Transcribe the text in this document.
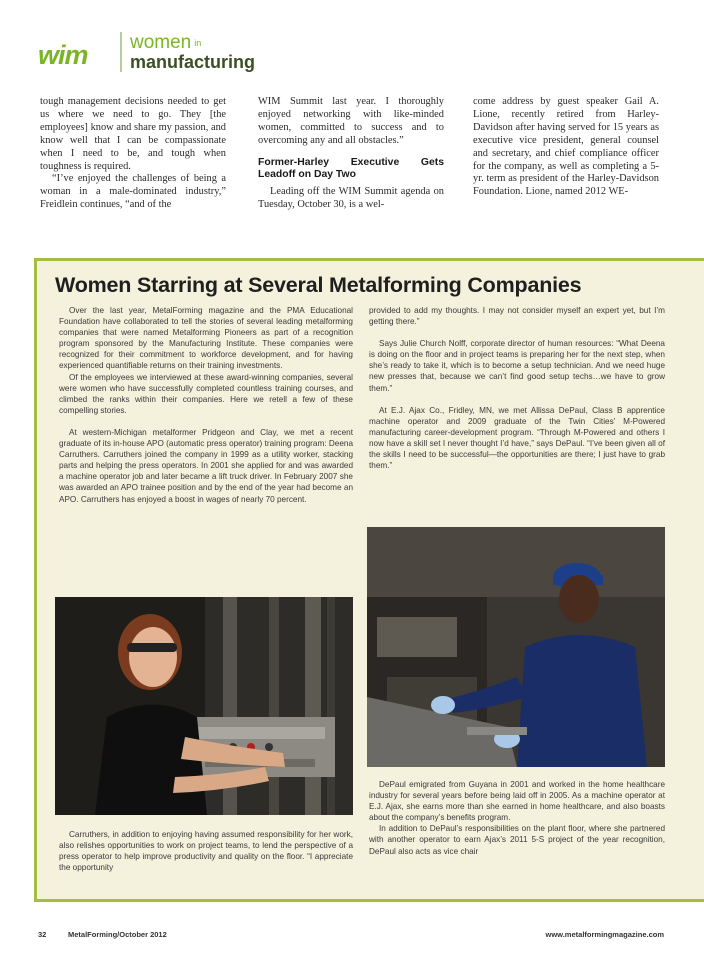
wim women in
manufacturing

tough management decisions needed to get us where we need to go. They [the employees] know and share my passion, and know well that I can be compassionate when I need to be, and tough when toughness is required.

“I’ve enjoyed the challenges of being a woman in a male-dominated industry,” Freidlein continues, “and of the

WIM Summit last year. I thoroughly enjoyed networking with like-minded women, committed to success and to overcoming any and all obstacles.”

Former-Harley Executive Gets Leadoff on Day Two

Leading off the WIM Summit agenda on Tuesday, October 30, is a wel-

come address by guest speaker Gail A. Lione, recently retired from Harley-Davidson after having served for 15 years as executive vice president, general counsel and secretary, and chief compliance officer for the company, as well as completing a 5-yr. term as president of the Harley-Davidson Foundation. Lione, named 2012 WE-

Women Starring at Several Metalforming Companies

Over the last year, MetalForming magazine and the PMA Educational Foundation have collaborated to tell the stories of several leading metalforming companies that were named Metalforming Pioneers as part of a recognition program sponsored by the Manufacturing Institute. These companies were recognized for their commitment to workforce development, and for having experienced quantifiable returns on their training investments.

Of the employees we interviewed at these award-winning companies, several were women who have successfully completed countless training courses, and climbed the ranks within their companies. Here we retell a few of these compelling stories.

At western-Michigan metalformer Pridgeon and Clay, we met a recent graduate of its in-house APO (automatic press operator) training program: Deena Carruthers. Carruthers joined the company in 1999 as a utility worker, stacking parts and helping the press operators. In 2001 she applied for and was awarded a machine operator job and later became a lift truck driver. In February 2007 she was awarded an APO trainee position and by the end of the year had become an APO. Carruthers has enjoyed a boost in wages of nearly 70 percent.

provided to add my thoughts. I may not consider myself an expert yet, but I’m getting there.”

Says Julie Church Nolff, corporate director of human resources: “What Deena is doing on the floor and in project teams is preparing her for the next step, when she’s ready to take it, which is to become a setup technician. And we need huge new presses that, because we can’t find good setup techs…we have to grow them.”

At E.J. Ajax Co., Fridley, MN, we met Allissa DePaul, Class B apprentice machine operator and 2009 graduate of the Twin Cities’ M-Powered manufacturing career-development program. “Through M-Powered and others I now have a skill set I never thought I’d have,” says DePaul. “I’ve been given all of the skills I need to be successful—the opportunities are there; I just have to grab them.”

Carruthers, in addition to enjoying having assumed responsibility for her work, also relishes opportunities to work on project teams, to lend the perspective of a press operator to help improve productivity and quality on the floor. “I appreciate the opportunity

DePaul emigrated from Guyana in 2001 and worked in the home healthcare industry for several years before being laid off in 2005. As a machine operator at E.J. Ajax, she earns more than she earned in home healthcare, and also boasts about the company’s benefits program.

In addition to DePaul’s responsibilities on the plant floor, where she partnered with another operator to earn Ajax’s 2011 5-S project of the year recognition, DePaul also acts as vice chair

32	MetalForming/October 2012	www.metalformingmagazine.com
